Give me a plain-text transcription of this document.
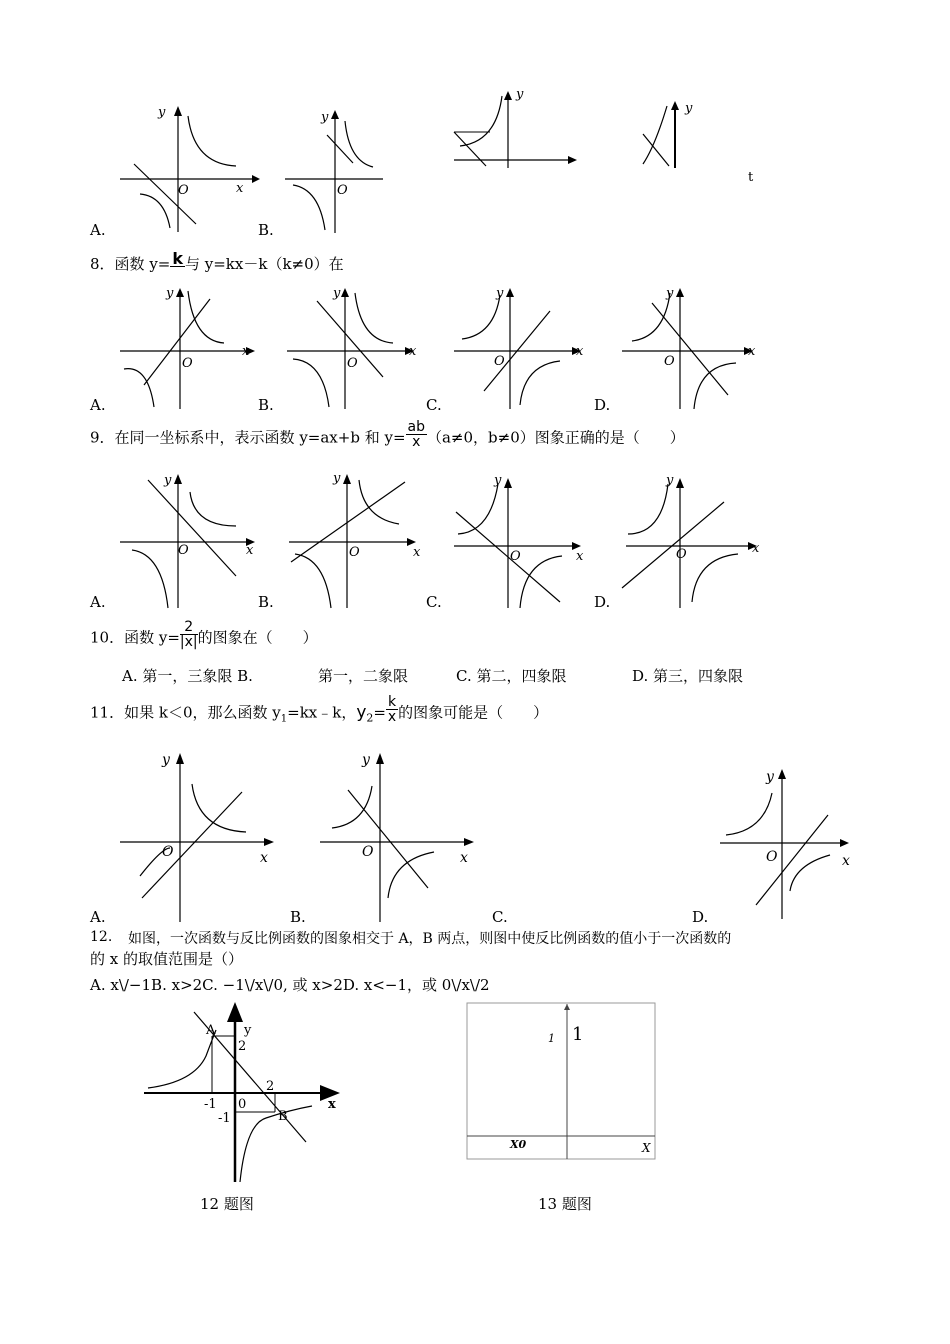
y
O	x
A.
y
O
B.
y
y
t
8．函数 y= k 与 y=kx－k（k≠0）在
y
O
x
A.
y
O
x
B.
y
O
x
C.
y
O
x
D.
9．在同一坐标系中，表示函数 y=ax+b 和 $y= \frac{ab}{x} (a\ne 0$，b≠0）图象正确的是（　　）
y
O	x
A.
y
O	x
B.
y
O	x
C.
y
O	x
D.
10．函数 $y= \frac{2}{|x|}$ 的图象在（　　）
A. 第一，三象限 B.	第一，二象限	C. 第二，四象限	D. 第三，四象限
11．如果 k＜0，那么函数 $y_1=kx﹣k$，$y_2= \frac{k}{x}$ 的图象可能是（　　）
y
O	x
A.
y
O	x
B.	C.
y
O	x
D.
12. 如图，一次函数与反比例函数的图象相交于 A，B 两点，则图中使反比例函数的值小于一次函数的
的 x 的取值范围是（）
A. x\/−1B. x>2C. −1\/x\/0, 或 x>2D. x<−1，或 0\/x\/2
A
B
2
2
-1
-1
0	x
y
12 题图
1 1
X0	X
13 题图
